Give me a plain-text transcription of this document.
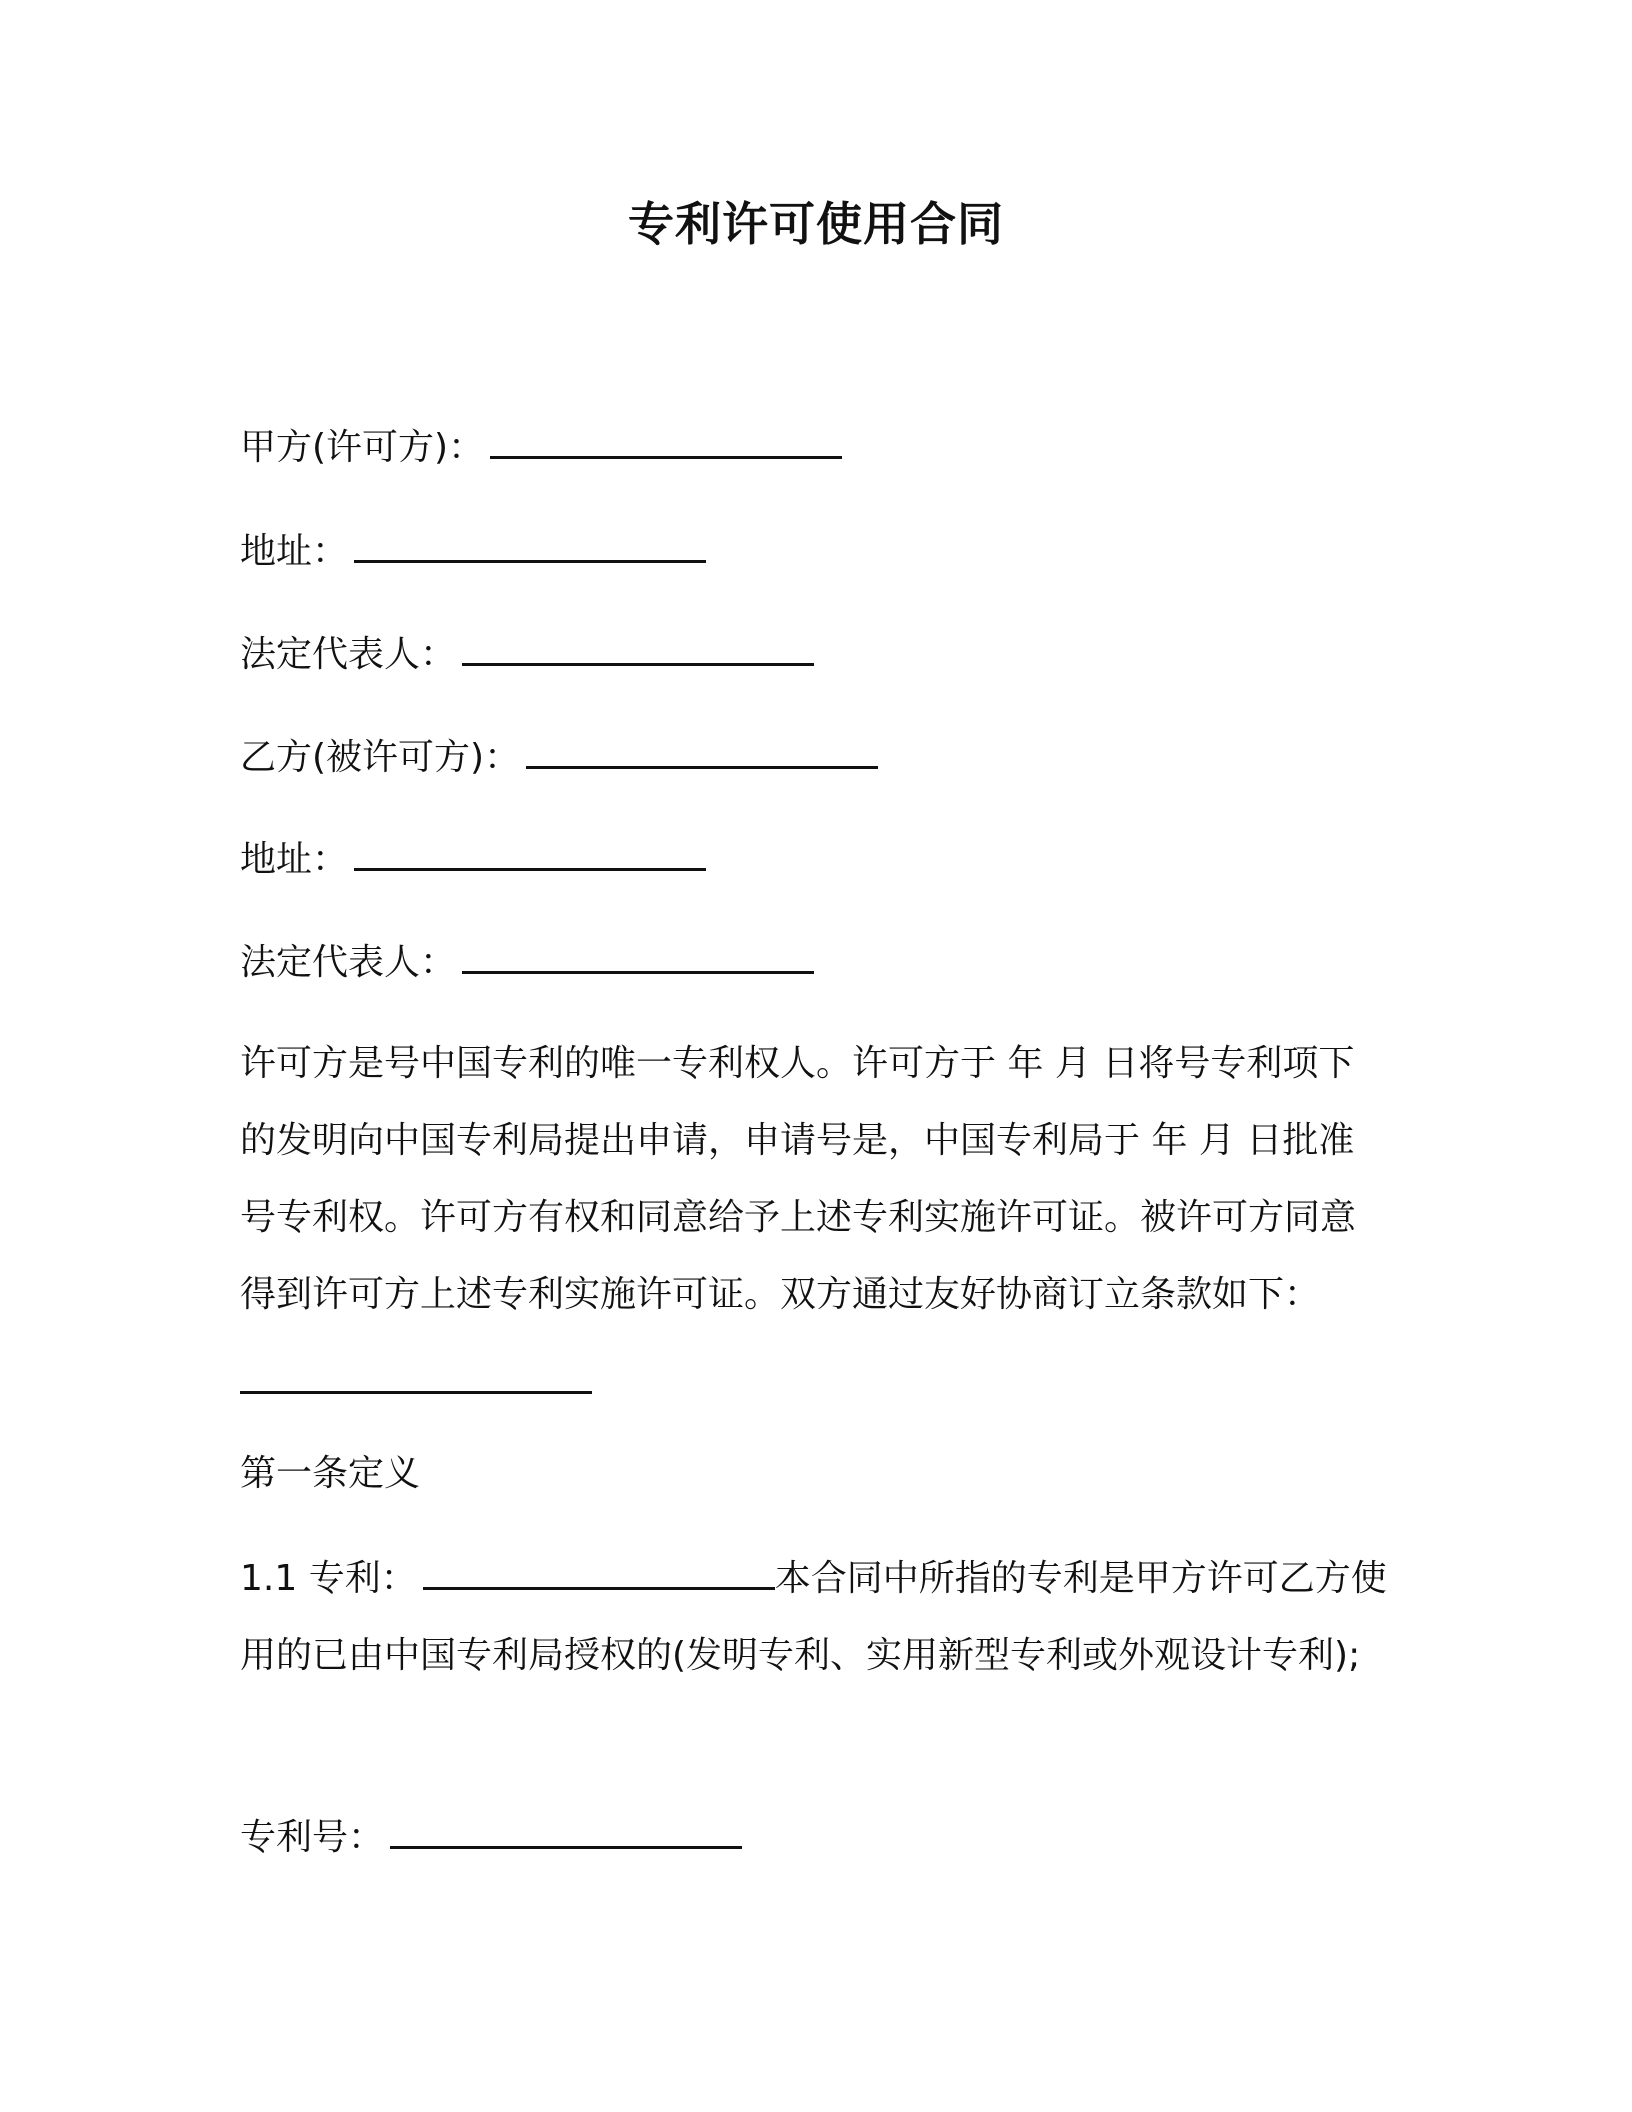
专利许可使用合同
甲方(许可方)：
地址：
法定代表人：
乙方(被许可方)：
地址：
法定代表人：
许可方是号中国专利的唯一专利权人。许可方于 年 月 日将号专利项下的发明向中国专利局提出申请，申请号是，中国专利局于 年 月 日批准号专利权。许可方有权和同意给予上述专利实施许可证。被许可方同意得到许可方上述专利实施许可证。双方通过友好协商订立条款如下：
第一条定义
1.1 专利：	本合同中所指的专利是甲方许可乙方使用的已由中国专利局授权的(发明专利、实用新型专利或外观设计专利);
专利号：
